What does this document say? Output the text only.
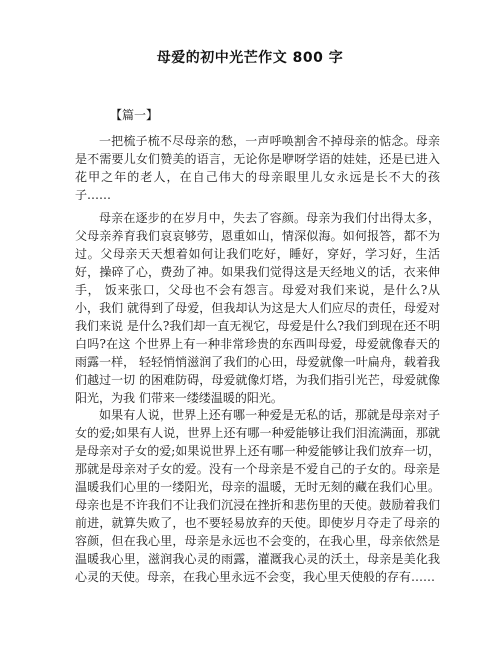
母爱的初中光芒作文 800 字
【篇一】

一把梳子梳不尽母亲的愁，一声呼唤割舍不掉母亲的惦念。母亲是不需要儿女们赞美的语言，无论你是咿呀学语的娃娃，还是已进入花甲之年的老人，在自己伟大的母亲眼里儿女永远是长不大的孩子……

母亲在逐步的在岁月中，失去了容颜。母亲为我们付出得太多，父母亲养育我们哀哀够劳，恩重如山，情深似海。如何报答，都不为过。父母亲天天想着如何让我们吃好，睡好，穿好，学习好，生活好，操碎了心，费劲了神。如果我们觉得这是天经地义的话，衣来伸手， 饭来张口，父母也不会有怨言。母爱对我们来说，是什么?从小，我们 就得到了母爱，但我却认为这是大人们应尽的责任，母爱对我们来说 是什么?我们却一直无视它，母爱是什么?我们到现在还不明白吗?在这 个世界上有一种非常珍贵的东西叫母爱，母爱就像春天的雨露一样， 轻轻悄悄滋润了我们的心田，母爱就像一叶扁舟，载着我们越过一切 的困难防碍，母爱就像灯塔，为我们指引光芒，母爱就像阳光，为我 们带来一缕缕温暖的阳光。

如果有人说，世界上还有哪一种爱是无私的话，那就是母亲对子女的爱;如果有人说，世界上还有哪一种爱能够让我们泪流满面，那就是母亲对子女的爱;如果说世界上还有哪一种爱能够让我们放弃一切，那就是母亲对子女的爱。没有一个母亲是不爱自己的子女的。母亲是温暖我们心里的一缕阳光，母亲的温暖，无时无刻的藏在我们心里。母亲也是不许我们不让我们沉浸在挫折和悲伤里的天使。鼓励着我们前进，就算失败了，也不要轻易放弃的天使。即使岁月夺走了母亲的容颜，但在我心里，母亲是永远也不会变的，在我心里，母亲依然是温暖我心里，滋润我心灵的雨露，灌溉我心灵的沃土，母亲是美化我心灵的天使。母亲，在我心里永远不会变，我心里天使般的存有……
